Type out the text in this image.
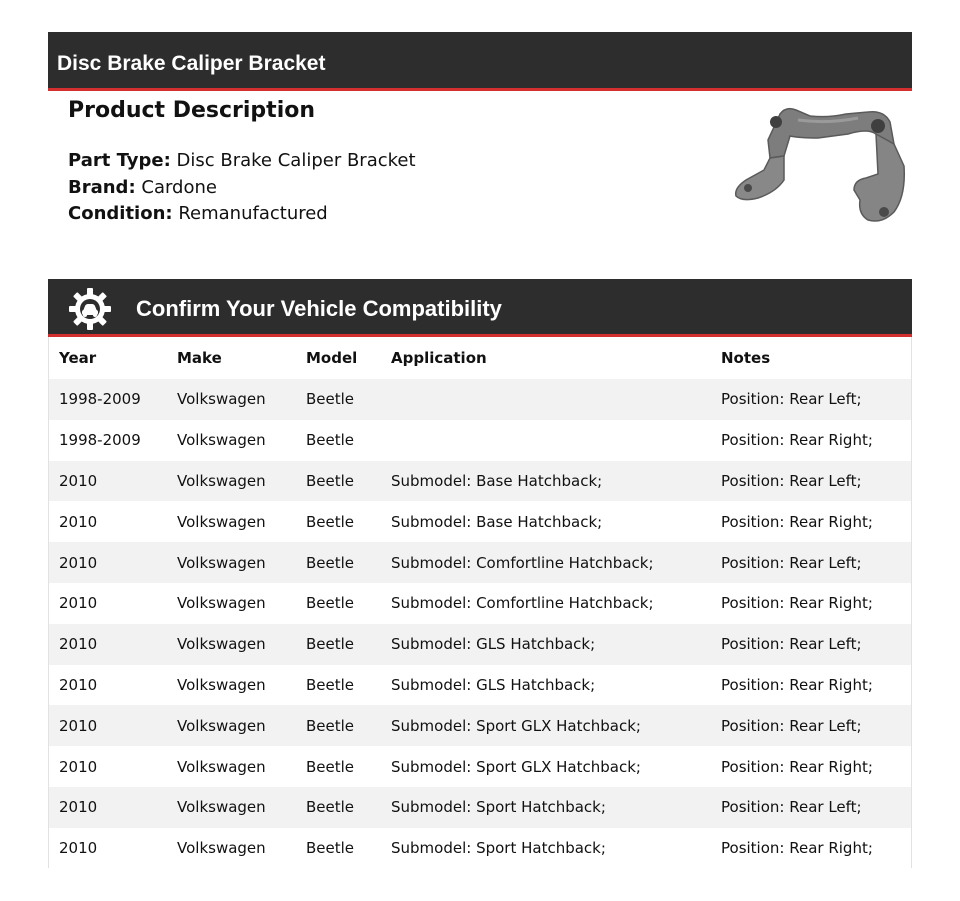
Disc Brake Caliper Bracket
Product Description
Part Type: Disc Brake Caliper Bracket
Brand: Cardone
Condition: Remanufactured
Confirm Your Vehicle Compatibility
Year	Make	Model	Application	Notes
1998-2009	Volkswagen	Beetle		Position: Rear Left;
1998-2009	Volkswagen	Beetle		Position: Rear Right;
2010	Volkswagen	Beetle	Submodel: Base Hatchback;	Position: Rear Left;
2010	Volkswagen	Beetle	Submodel: Base Hatchback;	Position: Rear Right;
2010	Volkswagen	Beetle	Submodel: Comfortline Hatchback;	Position: Rear Left;
2010	Volkswagen	Beetle	Submodel: Comfortline Hatchback;	Position: Rear Right;
2010	Volkswagen	Beetle	Submodel: GLS Hatchback;	Position: Rear Left;
2010	Volkswagen	Beetle	Submodel: GLS Hatchback;	Position: Rear Right;
2010	Volkswagen	Beetle	Submodel: Sport GLX Hatchback;	Position: Rear Left;
2010	Volkswagen	Beetle	Submodel: Sport GLX Hatchback;	Position: Rear Right;
2010	Volkswagen	Beetle	Submodel: Sport Hatchback;	Position: Rear Left;
2010	Volkswagen	Beetle	Submodel: Sport Hatchback;	Position: Rear Right;
